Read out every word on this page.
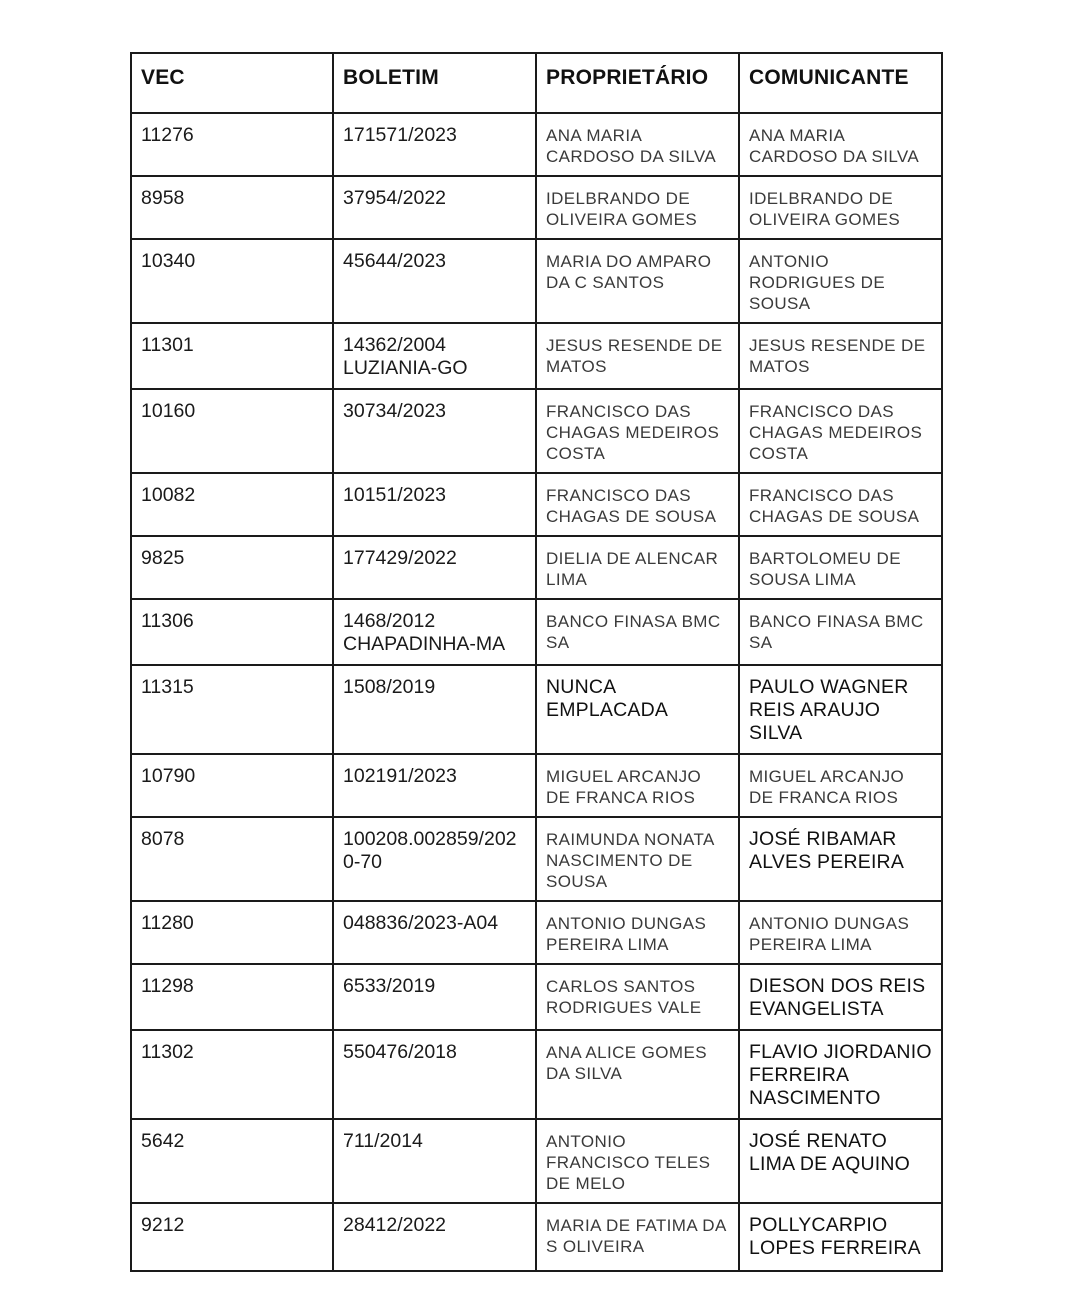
VEC	BOLETIM	PROPRIETÁRIO	COMUNICANTE
11276	171571/2023	ANA MARIA CARDOSO DA SILVA	ANA MARIA CARDOSO DA SILVA
8958	37954/2022	IDELBRANDO DE OLIVEIRA GOMES	IDELBRANDO DE OLIVEIRA GOMES
10340	45644/2023	MARIA DO AMPARO DA C SANTOS	ANTONIO RODRIGUES DE SOUSA
11301	14362/2004 LUZIANIA-GO	JESUS RESENDE DE MATOS	JESUS RESENDE DE MATOS
10160	30734/2023	FRANCISCO DAS CHAGAS MEDEIROS COSTA	FRANCISCO DAS CHAGAS MEDEIROS COSTA
10082	10151/2023	FRANCISCO DAS CHAGAS DE SOUSA	FRANCISCO DAS CHAGAS DE SOUSA
9825	177429/2022	DIELIA DE ALENCAR LIMA	BARTOLOMEU DE SOUSA LIMA
11306	1468/2012 CHAPADINHA-MA	BANCO FINASA BMC SA	BANCO FINASA BMC SA
11315	1508/2019	NUNCA EMPLACADA	PAULO WAGNER REIS ARAUJO SILVA
10790	102191/2023	MIGUEL ARCANJO DE FRANCA RIOS	MIGUEL ARCANJO DE FRANCA RIOS
8078	100208.002859/2020-70	RAIMUNDA NONATA NASCIMENTO DE SOUSA	JOSÉ RIBAMAR ALVES PEREIRA
11280	048836/2023-A04	ANTONIO DUNGAS PEREIRA LIMA	ANTONIO DUNGAS PEREIRA LIMA
11298	6533/2019	CARLOS SANTOS RODRIGUES VALE	DIESON DOS REIS EVANGELISTA
11302	550476/2018	ANA ALICE GOMES DA SILVA	FLAVIO JIORDANIO FERREIRA NASCIMENTO
5642	711/2014	ANTONIO FRANCISCO TELES DE MELO	JOSÉ RENATO LIMA DE AQUINO
9212	28412/2022	MARIA DE FATIMA DA S OLIVEIRA	POLLYCARPIO LOPES FERREIRA
